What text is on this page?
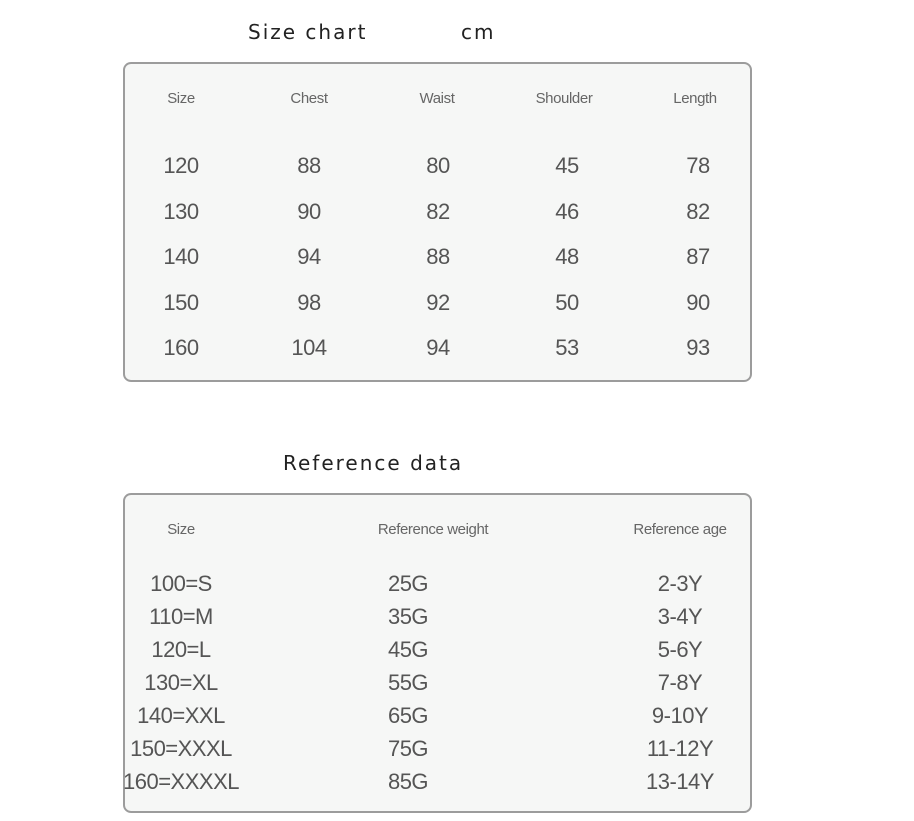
Size chart	cm
Size	Chest	Waist	Shoulder	Length
120	88	80	45	78
130	90	82	46	82
140	94	88	48	87
150	98	92	50	90
160	104	94	53	93
Reference data
Size	Reference weight	Reference age
100=S	25G	2-3Y
110=M	35G	3-4Y
120=L	45G	5-6Y
130=XL	55G	7-8Y
140=XXL	65G	9-10Y
150=XXXL	75G	11-12Y
160=XXXXL	85G	13-14Y
